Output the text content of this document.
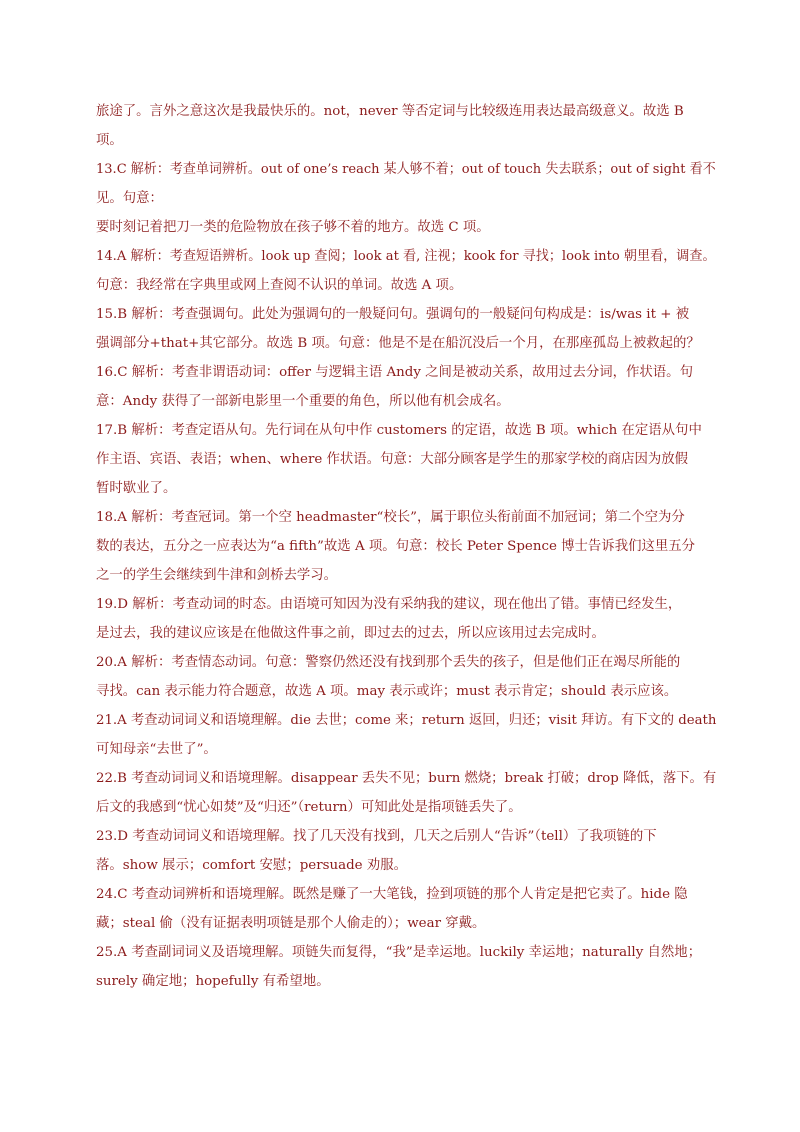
旅途了。言外之意这次是我最快乐的。not，never 等否定词与比较级连用表达最高级意义。故选 B
项。
13.C 解析：考查单词辨析。out of one’s reach 某人够不着；out of touch 失去联系；out of sight 看不
见。句意：
要时刻记着把刀一类的危险物放在孩子够不着的地方。故选 C 项。
14.A 解析：考查短语辨析。look up 查阅；look at 看, 注视；kook for 寻找；look into 朝里看，调查。
句意：我经常在字典里或网上查阅不认识的单词。故选 A 项。
15.B 解析：考查强调句。此处为强调句的一般疑问句。强调句的一般疑问句构成是：is/was it + 被
强调部分+that+其它部分。故选 B 项。句意：他是不是在船沉没后一个月，在那座孤岛上被救起的？
16.C 解析：考查非谓语动词：offer 与逻辑主语 Andy 之间是被动关系，故用过去分词，作状语。句
意：Andy 获得了一部新电影里一个重要的角色，所以他有机会成名。
17.B 解析：考查定语从句。先行词在从句中作 customers 的定语，故选 B 项。which 在定语从句中
作主语、宾语、表语；when、where 作状语。句意：大部分顾客是学生的那家学校的商店因为放假
暂时歇业了。
18.A 解析：考查冠词。第一个空 headmaster“校长”，属于职位头衔前面不加冠词；第二个空为分
数的表达，五分之一应表达为“a fifth”故选 A 项。句意：校长 Peter Spence 博士告诉我们这里五分
之一的学生会继续到牛津和剑桥去学习。
19.D 解析：考查动词的时态。由语境可知因为没有采纳我的建议，现在他出了错。事情已经发生，
是过去，我的建议应该是在他做这件事之前，即过去的过去，所以应该用过去完成时。
20.A 解析：考查情态动词。句意：警察仍然还没有找到那个丢失的孩子，但是他们正在竭尽所能的
寻找。can 表示能力符合题意，故选 A 项。may 表示或许；must 表示肯定；should 表示应该。
21.A 考查动词词义和语境理解。die 去世；come 来；return 返回，归还；visit 拜访。有下文的 death
可知母亲“去世了”。
22.B 考查动词词义和语境理解。disappear 丢失不见；burn 燃烧；break 打破；drop 降低，落下。有
后文的我感到“忧心如焚”及“归还”（return）可知此处是指项链丢失了。
23.D 考查动词词义和语境理解。找了几天没有找到，几天之后别人“告诉”（tell）了我项链的下
落。show 展示；comfort 安慰；persuade 劝服。
24.C 考查动词辨析和语境理解。既然是赚了一大笔钱，捡到项链的那个人肯定是把它卖了。hide 隐
藏；steal 偷（没有证据表明项链是那个人偷走的）；wear 穿戴。
25.A 考查副词词义及语境理解。项链失而复得，“我”是幸运地。luckily 幸运地；naturally 自然地；
surely 确定地；hopefully 有希望地。
